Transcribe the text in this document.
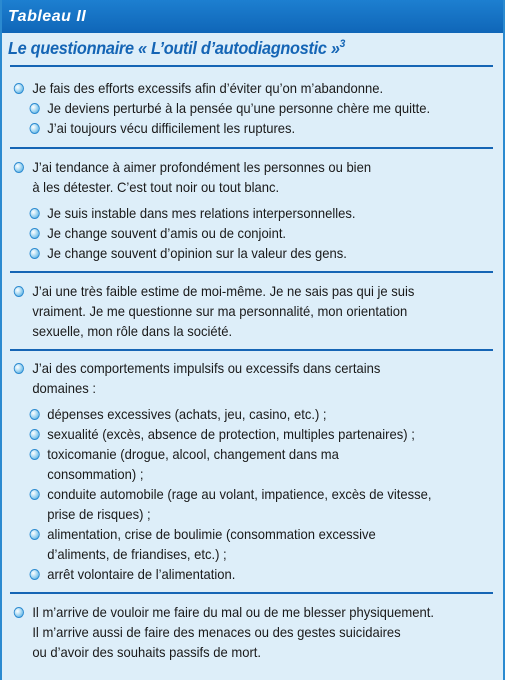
Tableau II
Le questionnaire « L’outil d’autodiagnostic »$^3$
Je fais des efforts excessifs afin d’éviter qu’on m’abandonne.
Je deviens perturbé à la pensée qu’une personne chère me quitte.
J’ai toujours vécu difficilement les ruptures.
J’ai tendance à aimer profondément les personnes ou bien
à les détester. C’est tout noir ou tout blanc.
Je suis instable dans mes relations interpersonnelles.
Je change souvent d’amis ou de conjoint.
Je change souvent d’opinion sur la valeur des gens.
J’ai une très faible estime de moi-même. Je ne sais pas qui je suis
vraiment. Je me questionne sur ma personnalité, mon orientation
sexuelle, mon rôle dans la société.
J’ai des comportements impulsifs ou excessifs dans certains
domaines :
dépenses excessives (achats, jeu, casino, etc.) ;
sexualité (excès, absence de protection, multiples partenaires) ;
toxicomanie (drogue, alcool, changement dans ma
consommation) ;
conduite automobile (rage au volant, impatience, excès de vitesse,
prise de risques) ;
alimentation, crise de boulimie (consommation excessive
d’aliments, de friandises, etc.) ;
arrêt volontaire de l’alimentation.
Il m’arrive de vouloir me faire du mal ou de me blesser physiquement.
Il m’arrive aussi de faire des menaces ou des gestes suicidaires
ou d’avoir des souhaits passifs de mort.
